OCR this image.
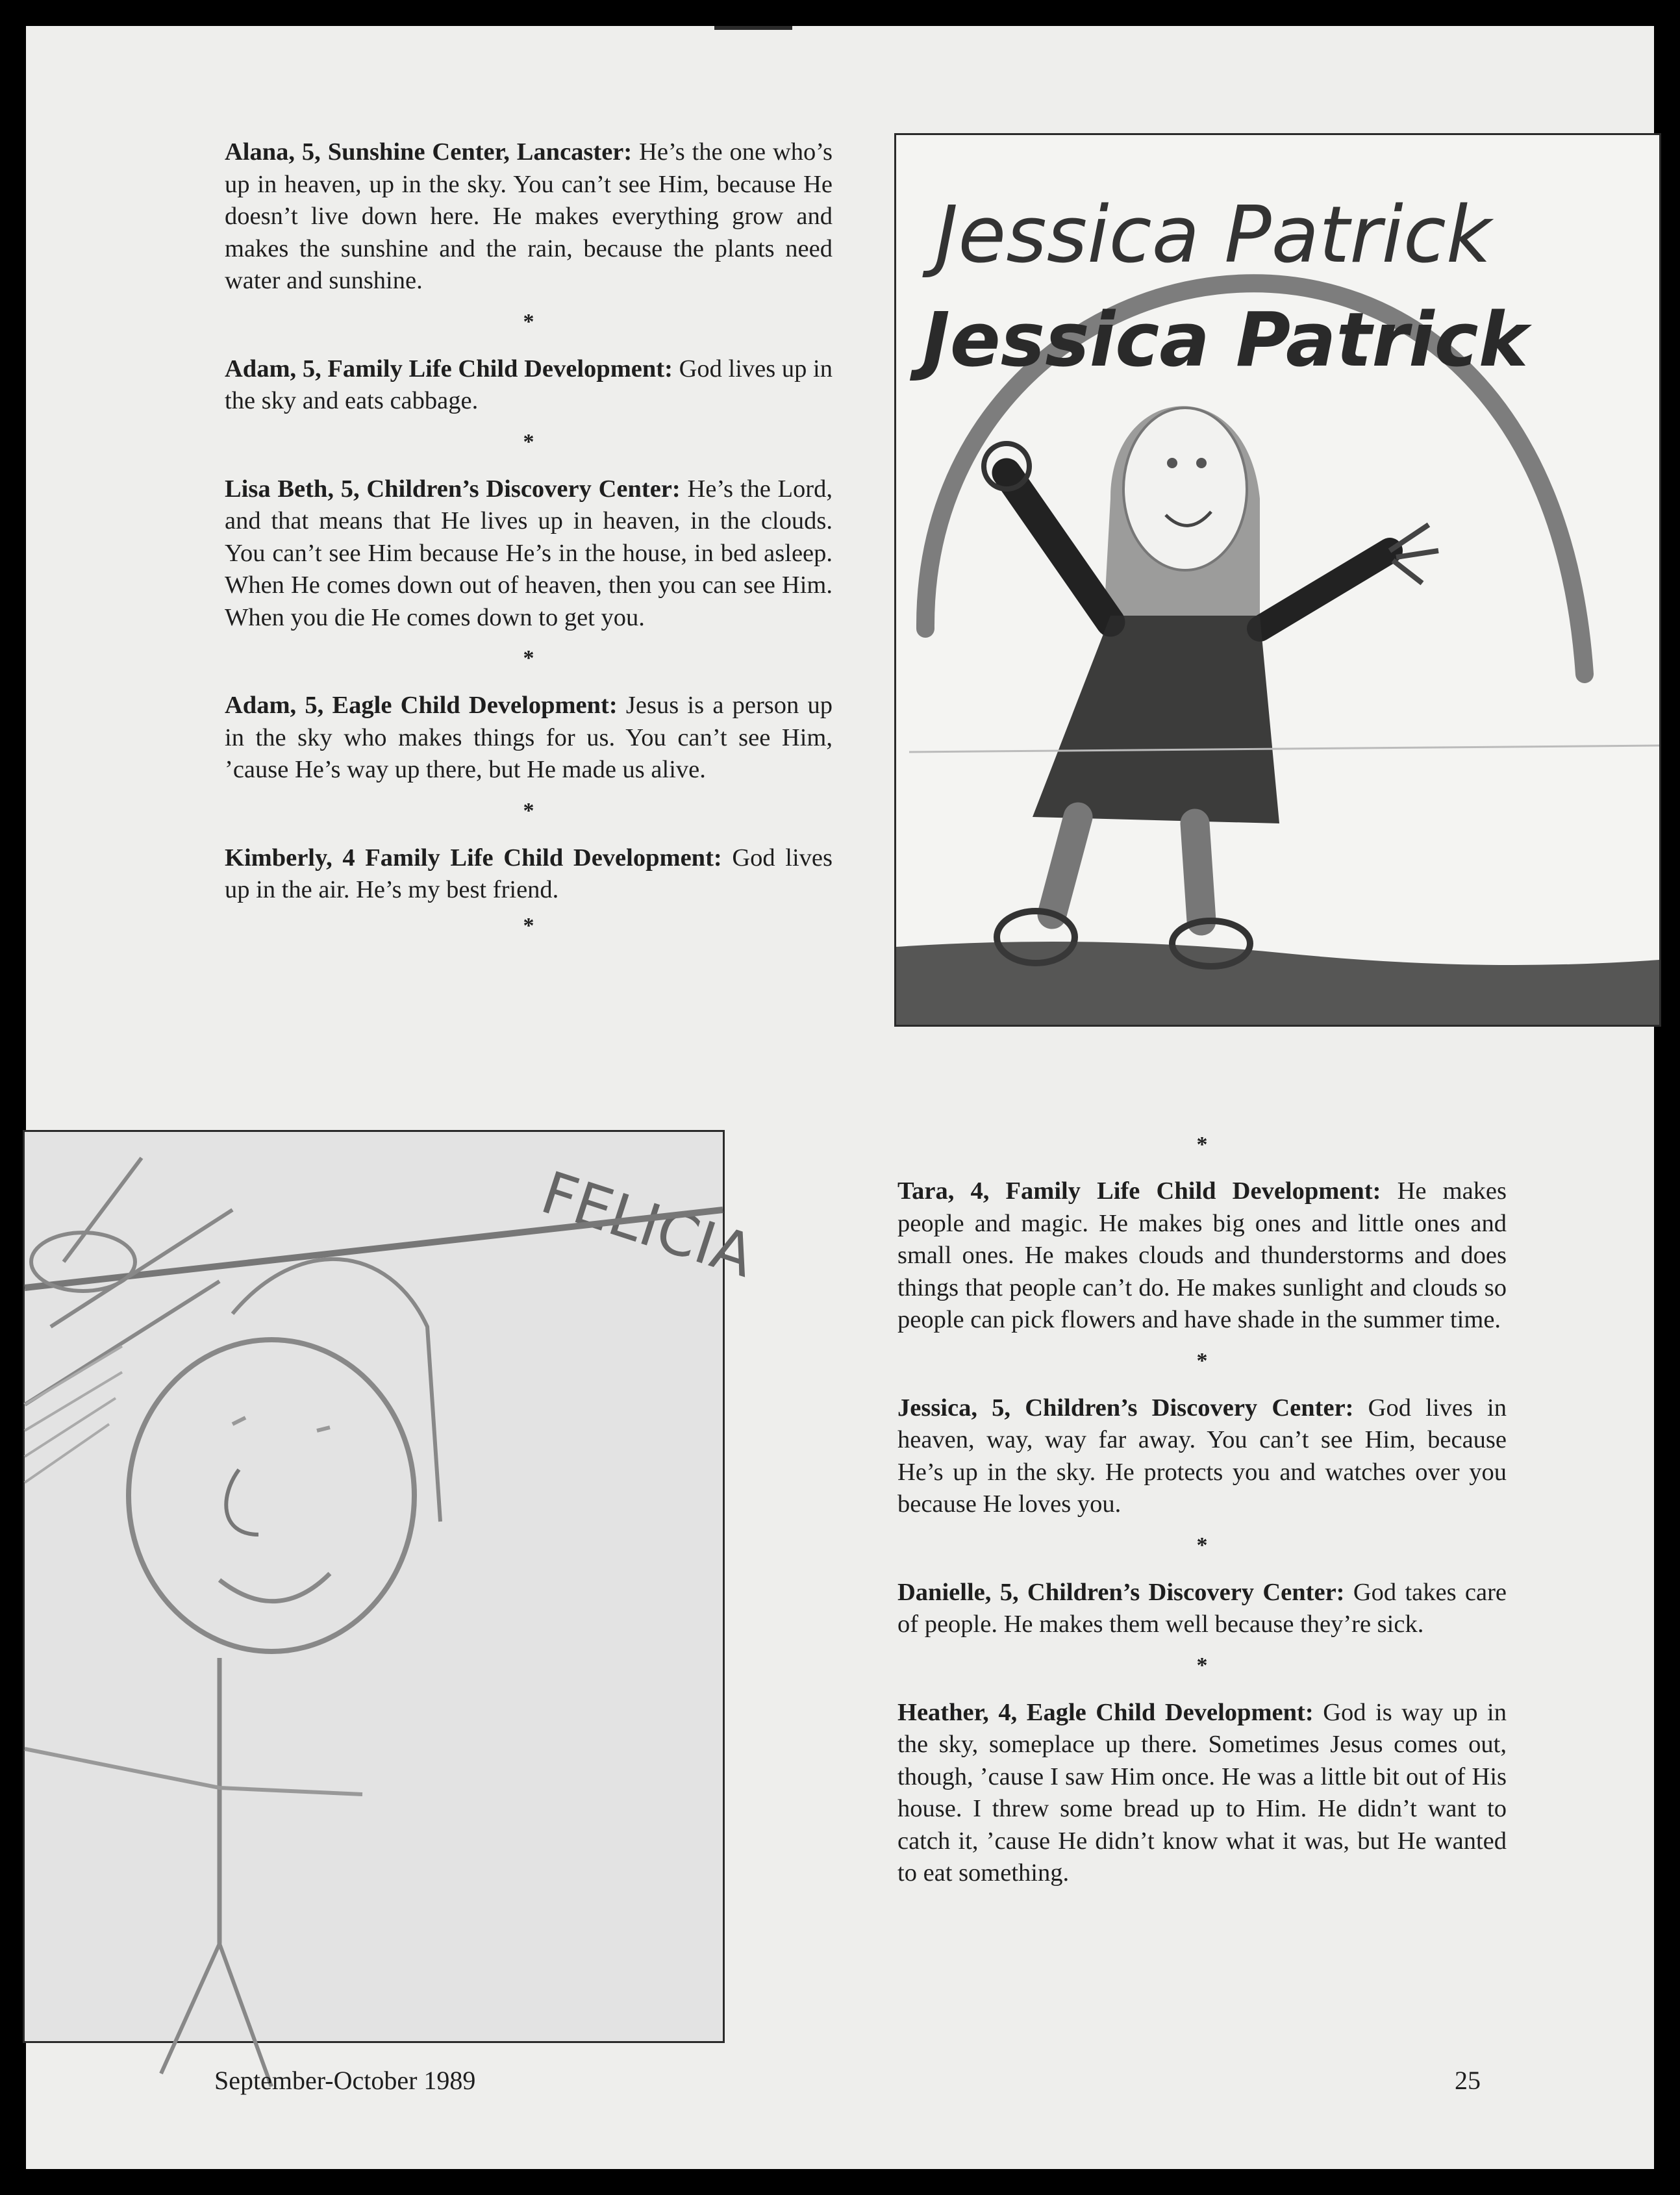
Alana, 5, Sunshine Center, Lancaster: He’s the one who’s up in heaven, up in the sky. You can’t see Him, because He doesn’t live down here. He makes everything grow and makes the sunshine and the rain, because the plants need water and sunshine.

*

Adam, 5, Family Life Child Development: God lives up in the sky and eats cabbage.

*

Lisa Beth, 5, Children’s Discovery Center: He’s the Lord, and that means that He lives up in heaven, in the clouds. You can’t see Him because He’s in the house, in bed asleep. When He comes down out of heaven, then you can see Him. When you die He comes down to get you.

*

Adam, 5, Eagle Child Development: Jesus is a person up in the sky who makes things for us. You can’t see Him, ’cause He’s way up there, but He made us alive.

*

Kimberly, 4 Family Life Child Development: God lives up in the air. He’s my best friend.

*
Jessica Patrick
Jessica Patrick
*

Tara, 4, Family Life Child Development: He makes people and magic. He makes big ones and little ones and small ones. He makes clouds and thunderstorms and does things that people can’t do. He makes sunlight and clouds so people can pick flowers and have shade in the summer time.

*

Jessica, 5, Children’s Discovery Center: God lives in heaven, way, way far away. You can’t see Him, because He’s up in the sky. He protects you and watches over you because He loves you.

*

Danielle, 5, Children’s Discovery Center: God takes care of people. He makes them well because they’re sick.

*

Heather, 4, Eagle Child Development: God is way up in the sky, someplace up there. Sometimes Jesus comes out, though, ’cause I saw Him once. He was a little bit out of His house. I threw some bread up to Him. He didn’t want to catch it, ’cause He didn’t know what it was, but He wanted to eat something.

FELICIA
September-October 1989	25
